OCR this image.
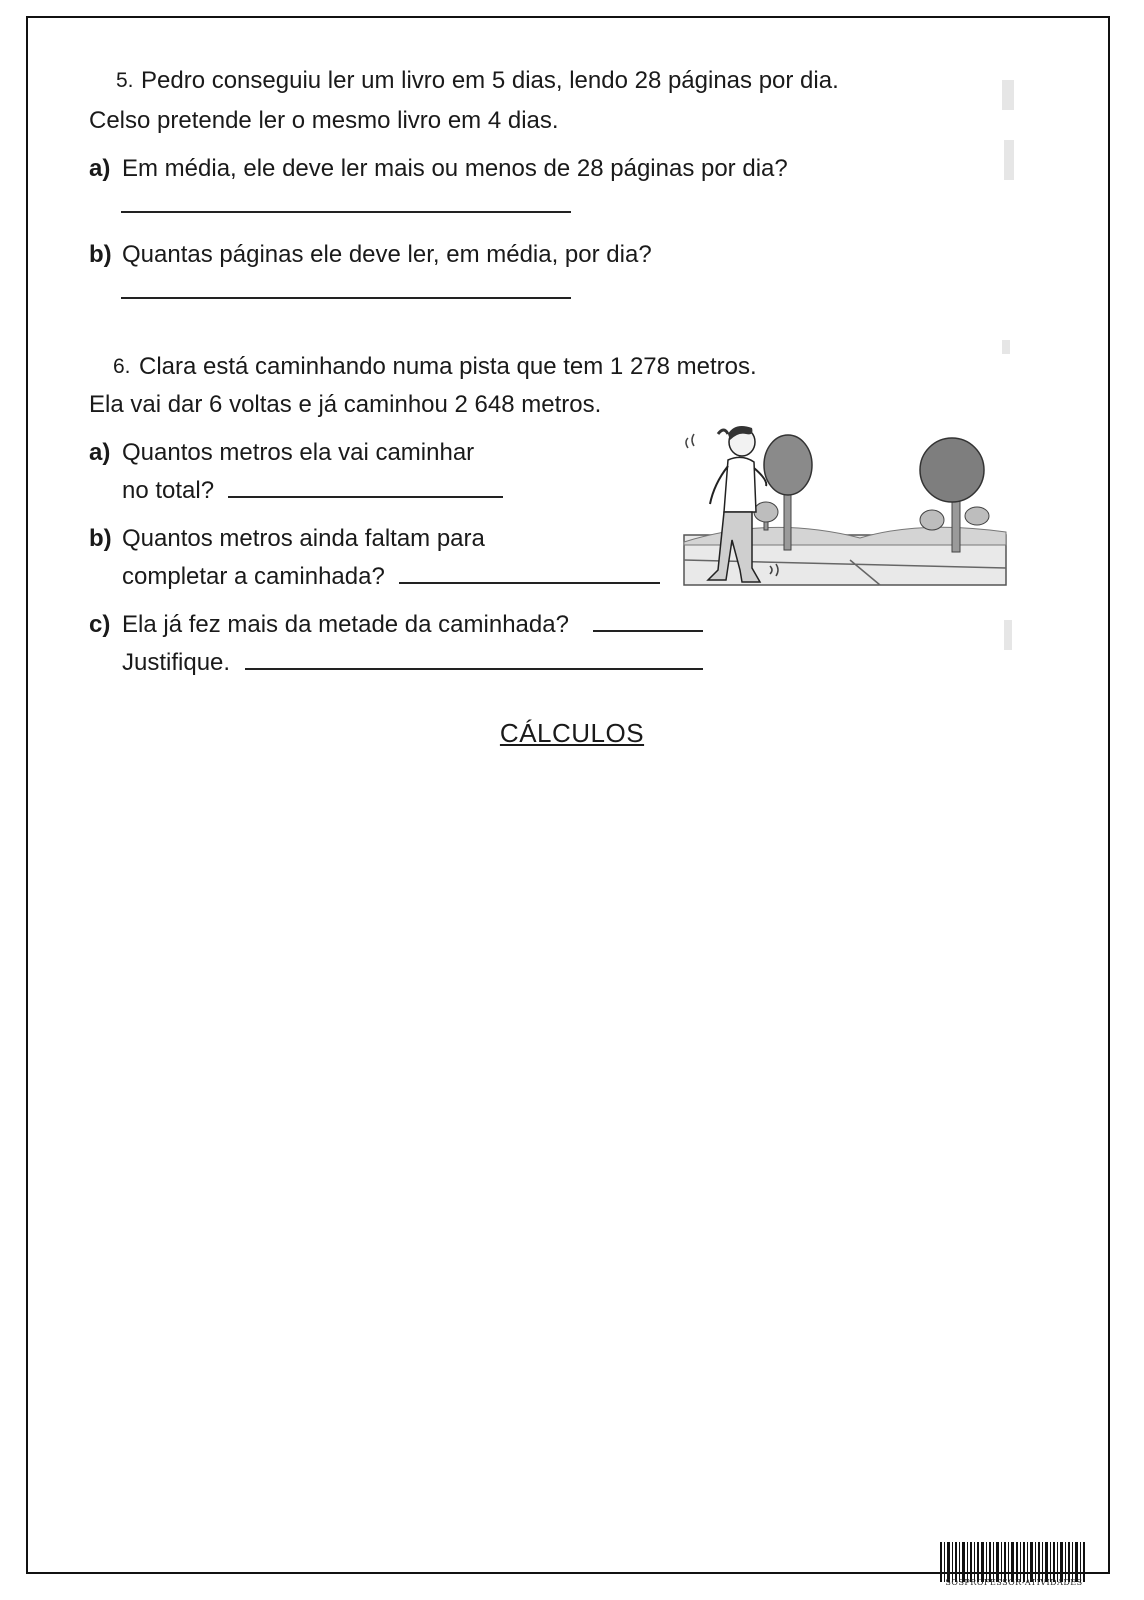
5. Pedro conseguiu ler um livro em 5 dias, lendo 28 páginas por dia.
Celso pretende ler o mesmo livro em 4 dias.
a) Em média, ele deve ler mais ou menos de 28 páginas por dia?
b) Quantas páginas ele deve ler, em média, por dia?
6. Clara está caminhando numa pista que tem 1 278 metros.
Ela vai dar 6 voltas e já caminhou 2 648 metros.
a) Quantos metros ela vai caminhar
no total?
b) Quantos metros ainda faltam para
completar a caminhada?
c) Ela já fez mais da metade da caminhada?
Justifique.
CÁLCULOS
SOSPROFESSOR-ATIVIDADES
